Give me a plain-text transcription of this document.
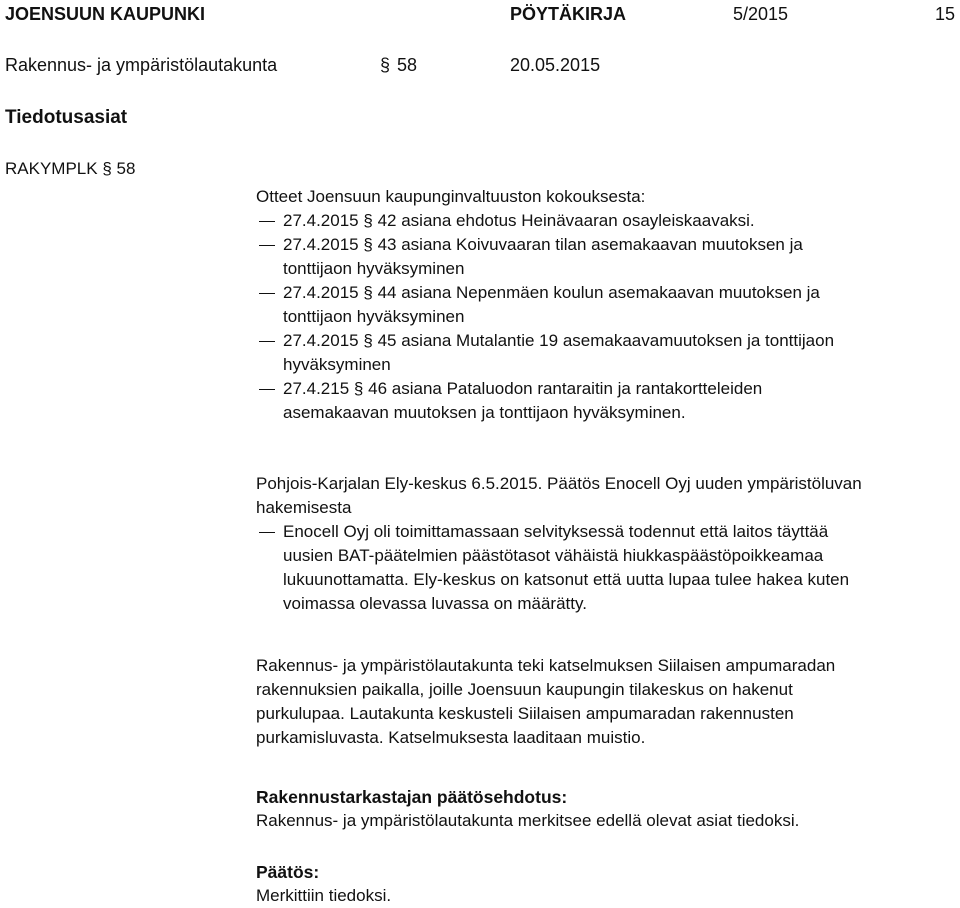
JOENSUUN KAUPUNKI	PÖYTÄKIRJA	5/2015	15
Rakennus- ja ympäristölautakunta	§ 58	20.05.2015
Tiedotusasiat
RAKYMPLK § 58
Otteet Joensuun kaupunginvaltuuston kokouksesta:
27.4.2015 § 42 asiana ehdotus Heinävaaran osayleiskaavaksi.
27.4.2015 § 43 asiana Koivuvaaran tilan asemakaavan muutoksen ja
tonttijaon hyväksyminen
27.4.2015 § 44 asiana Nepenmäen koulun asemakaavan muutoksen ja
tonttijaon hyväksyminen
27.4.2015 § 45 asiana Mutalantie 19 asemakaavamuutoksen ja tonttijaon
hyväksyminen
27.4.215 § 46 asiana Pataluodon rantaraitin ja rantakortteleiden
asemakaavan muutoksen ja tonttijaon hyväksyminen.
Pohjois-Karjalan Ely-keskus 6.5.2015. Päätös Enocell Oyj uuden ympäristöluvan
hakemisesta
Enocell Oyj oli toimittamassaan selvityksessä todennut että laitos täyttää
uusien BAT-päätelmien päästötasot vähäistä hiukkaspäästöpoikkeamaa
lukuunottamatta. Ely-keskus on katsonut että uutta lupaa tulee hakea kuten
voimassa olevassa luvassa on määrätty.
Rakennus- ja ympäristölautakunta teki katselmuksen Siilaisen ampumaradan
rakennuksien paikalla, joille Joensuun kaupungin tilakeskus on hakenut
purkulupaa. Lautakunta keskusteli Siilaisen ampumaradan rakennusten
purkamisluvasta. Katselmuksesta laaditaan muistio.
Rakennustarkastajan päätösehdotus:
Rakennus- ja ympäristölautakunta merkitsee edellä olevat asiat tiedoksi.
Päätös:
Merkittiin tiedoksi.
